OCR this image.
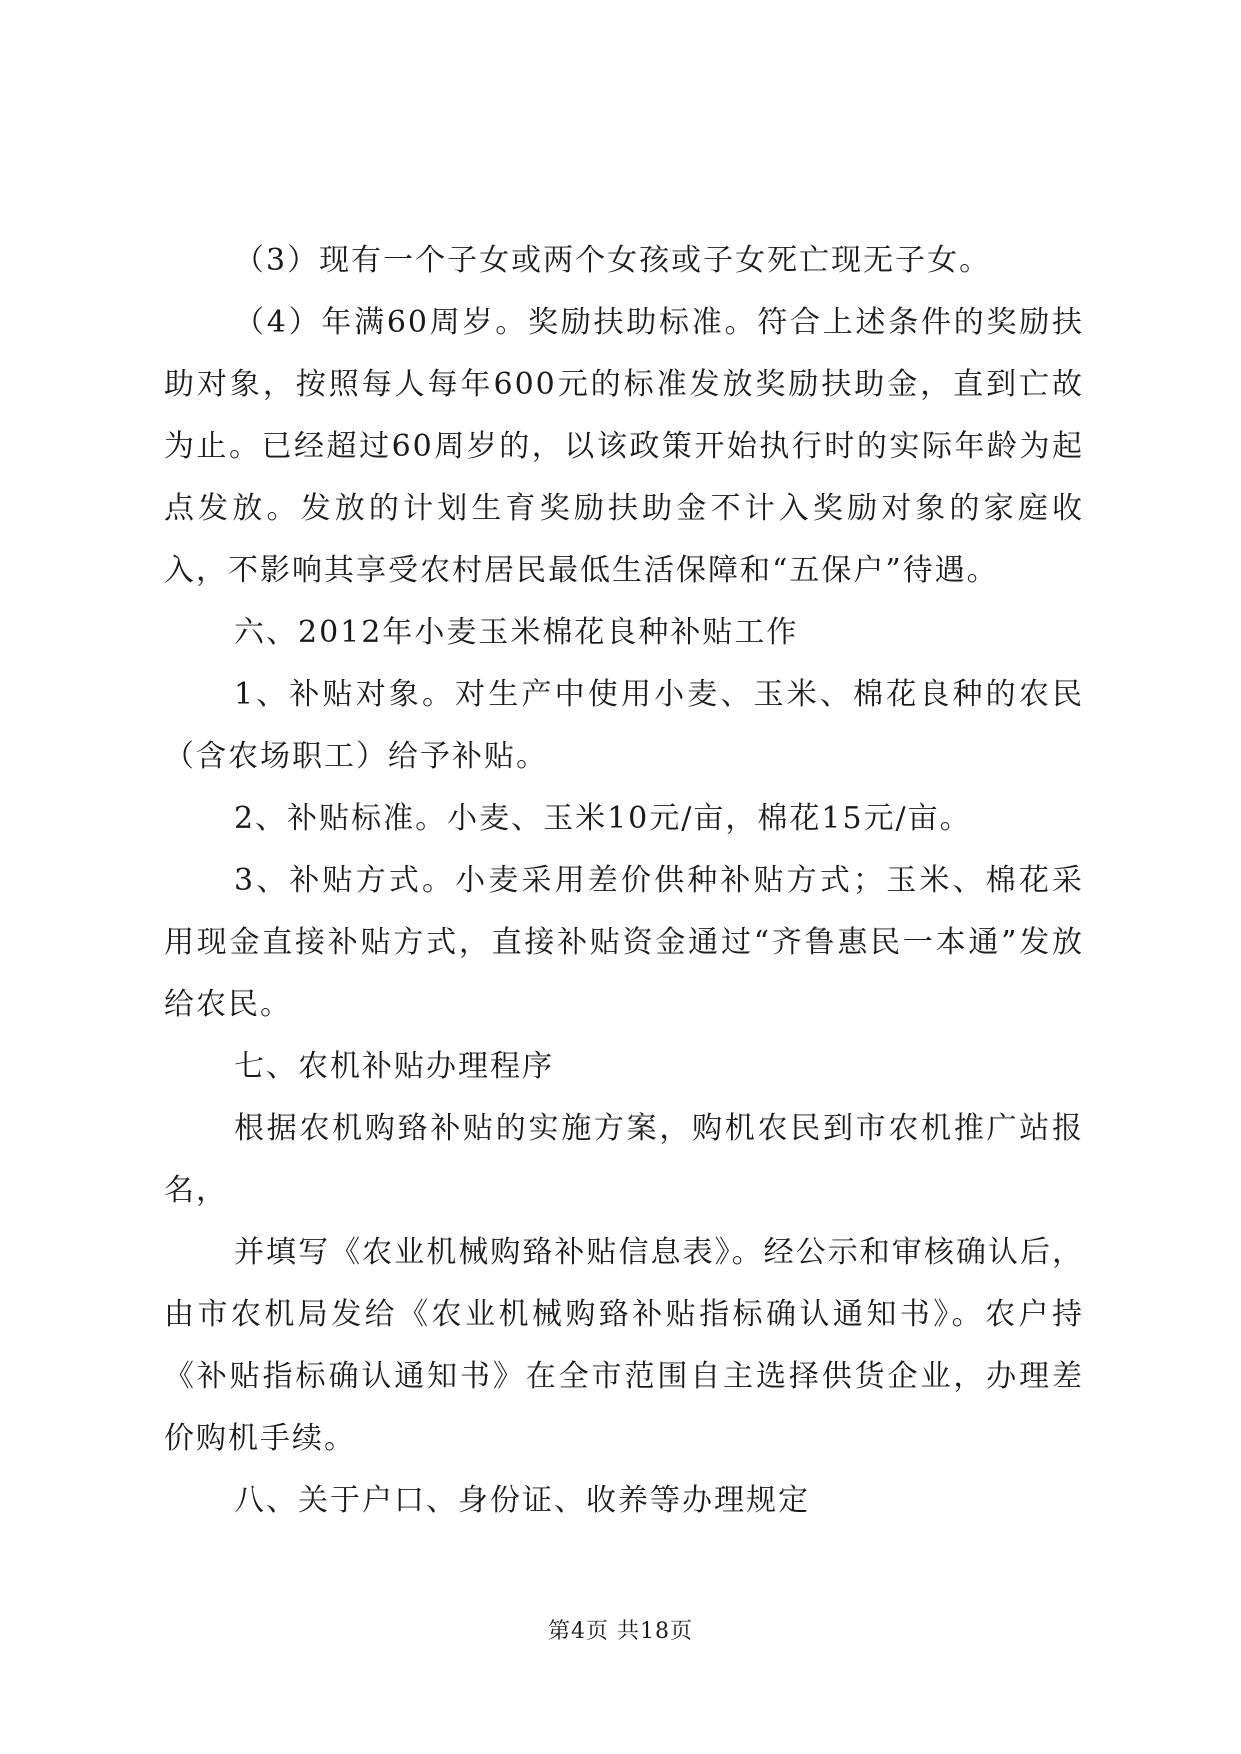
（3）现有一个子女或两个女孩或子女死亡现无子女。

（4）年满60周岁。奖励扶助标准。符合上述条件的奖励扶助对象，按照每人每年600元的标准发放奖励扶助金，直到亡故为止。已经超过60周岁的，以该政策开始执行时的实际年龄为起点发放。发放的计划生育奖励扶助金不计入奖励对象的家庭收入，不影响其享受农村居民最低生活保障和“五保户”待遇。

六、2012年小麦玉米棉花良种补贴工作

1、补贴对象。对生产中使用小麦、玉米、棉花良种的农民（含农场职工）给予补贴。

2、补贴标准。小麦、玉米10元/亩，棉花15元/亩。

3、补贴方式。小麦采用差价供种补贴方式；玉米、棉花采用现金直接补贴方式，直接补贴资金通过“齐鲁惠民一本通”发放给农民。

七、农机补贴办理程序

根据农机购臵补贴的实施方案，购机农民到市农机推广站报名，

并填写《农业机械购臵补贴信息表》。经公示和审核确认后，由市农机局发给《农业机械购臵补贴指标确认通知书》。农户持《补贴指标确认通知书》在全市范围自主选择供货企业，办理差价购机手续。

八、关于户口、身份证、收养等办理规定

第4页 共18页
